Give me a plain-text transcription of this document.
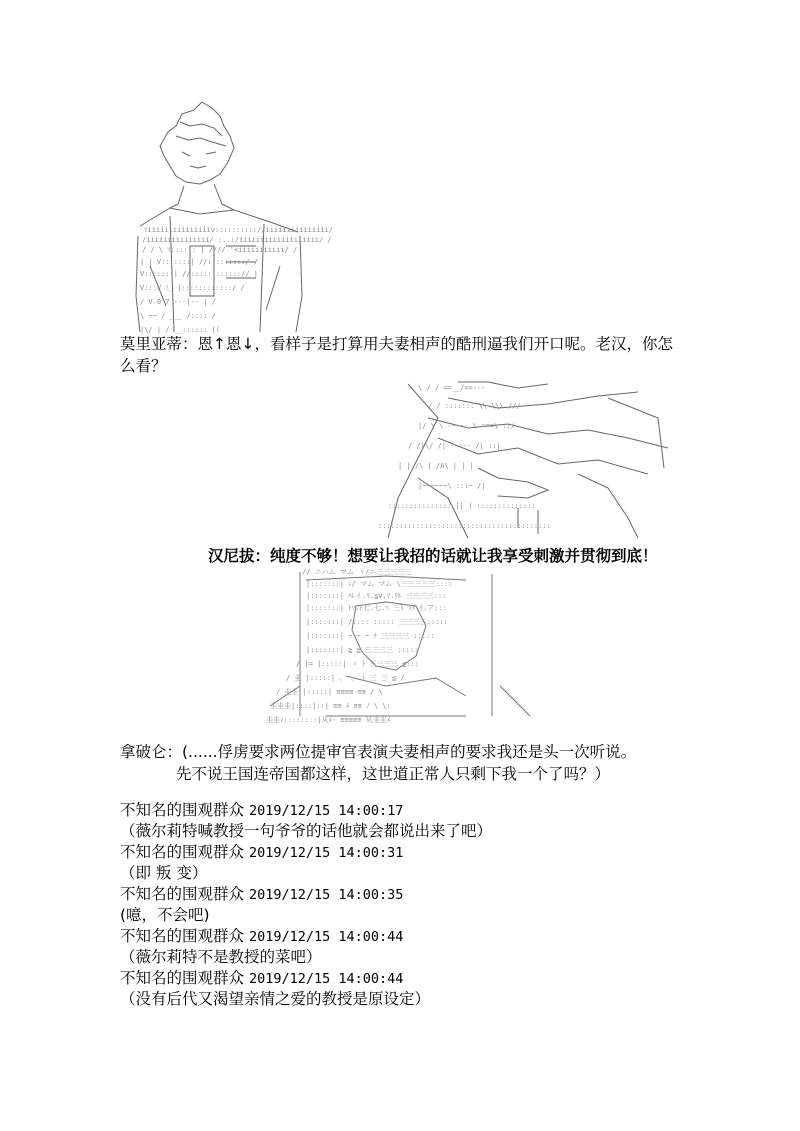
ﾏiiiiiiiiiiiiiiiv:::::::::://iiiiiiiiiiiiiii/
/iiiiiiiiiiiiiii/ :..:/iiiiiiiiiiiiiiiiiii/ /
/ / \ ﾏ:::::: | //// '<iiiiiiiiiii/ /
| | V:::::::| //:::::::::/ /
V:::::::| //::::::::::::// |
V:::V ﾐ_ |::::::::::::/ /
/ V 0 7 ---|-- | /
\ ~~ / ___ /:::: /
|\/ | / __:::::: |(
莫里亚蒂：恩↑恩↓，看样子是打算用夫妻相声的酷刑逼我们开口呢。老汉，你怎
么看？
\ / / ==__/==---
/ / ::::::: \\ \\\ ///
|/ \ \ ----- \ ===\ ::/
/ /|\/ /| ----- /| ::|
| | /\ | /A\ | | |
|~~~~~~\ :::~ /|
::::::::::::::: || | ::::::::::::::
:::::::::::::::::::::::::::::::::::::::::
汉尼拔：纯度不够！想要让我招的话就让我享受刺激并贯彻到底！
// ニハム マム ヾ/ニ三三三三三
|:::::::| ﾚ/ マム マム \三三三三三::::
|:::::::| ﾊﾚイ.ﾏ.≦v.ﾏ.ﾘﾙ 三三三三:::
|:::::::| ﾄｿ.ﾄ七.七.ﾊ 三l ﾒﾃ.ﾃ.ア:::
|:::::::| /:::: ::::: 三三三三:::::
|:::::::| ~ ~ ~ ﾁ 三三三三 :::::
|:::::::| ≧ ≧ 三三三三 :::::
/ |= |:::::| ヾ ﾄ 三三三三 ≦:::
/ 圭 |:::::| 、 、 ﾄ 三 三 ≦ /
/ 圭圭 |:::::| ≡≡≡≡ ≡≡ / \
圭圭圭|::::|::| ≡≡ ﾒ ≡≡ ﾉ \ \:
圭圭ｨ::::::::|从ﾒ- ≡≡≡≡≡ 从圭圭ﾒ
拿破仑：(......俘虏要求两位提审官表演夫妻相声的要求我还是头一次听说。
先不说王国连帝国都这样，这世道正常人只剩下我一个了吗？）
不知名的围观群众 2019/12/15 14:00:17
（薇尔莉特喊教授一句爷爷的话他就会都说出来了吧）
不知名的围观群众 2019/12/15 14:00:31
（即 叛 变）
不知名的围观群众 2019/12/15 14:00:35
(噫，不会吧)
不知名的围观群众 2019/12/15 14:00:44
（薇尔莉特不是教授的菜吧）
不知名的围观群众 2019/12/15 14:00:44
（没有后代又渴望亲情之爱的教授是原设定）
